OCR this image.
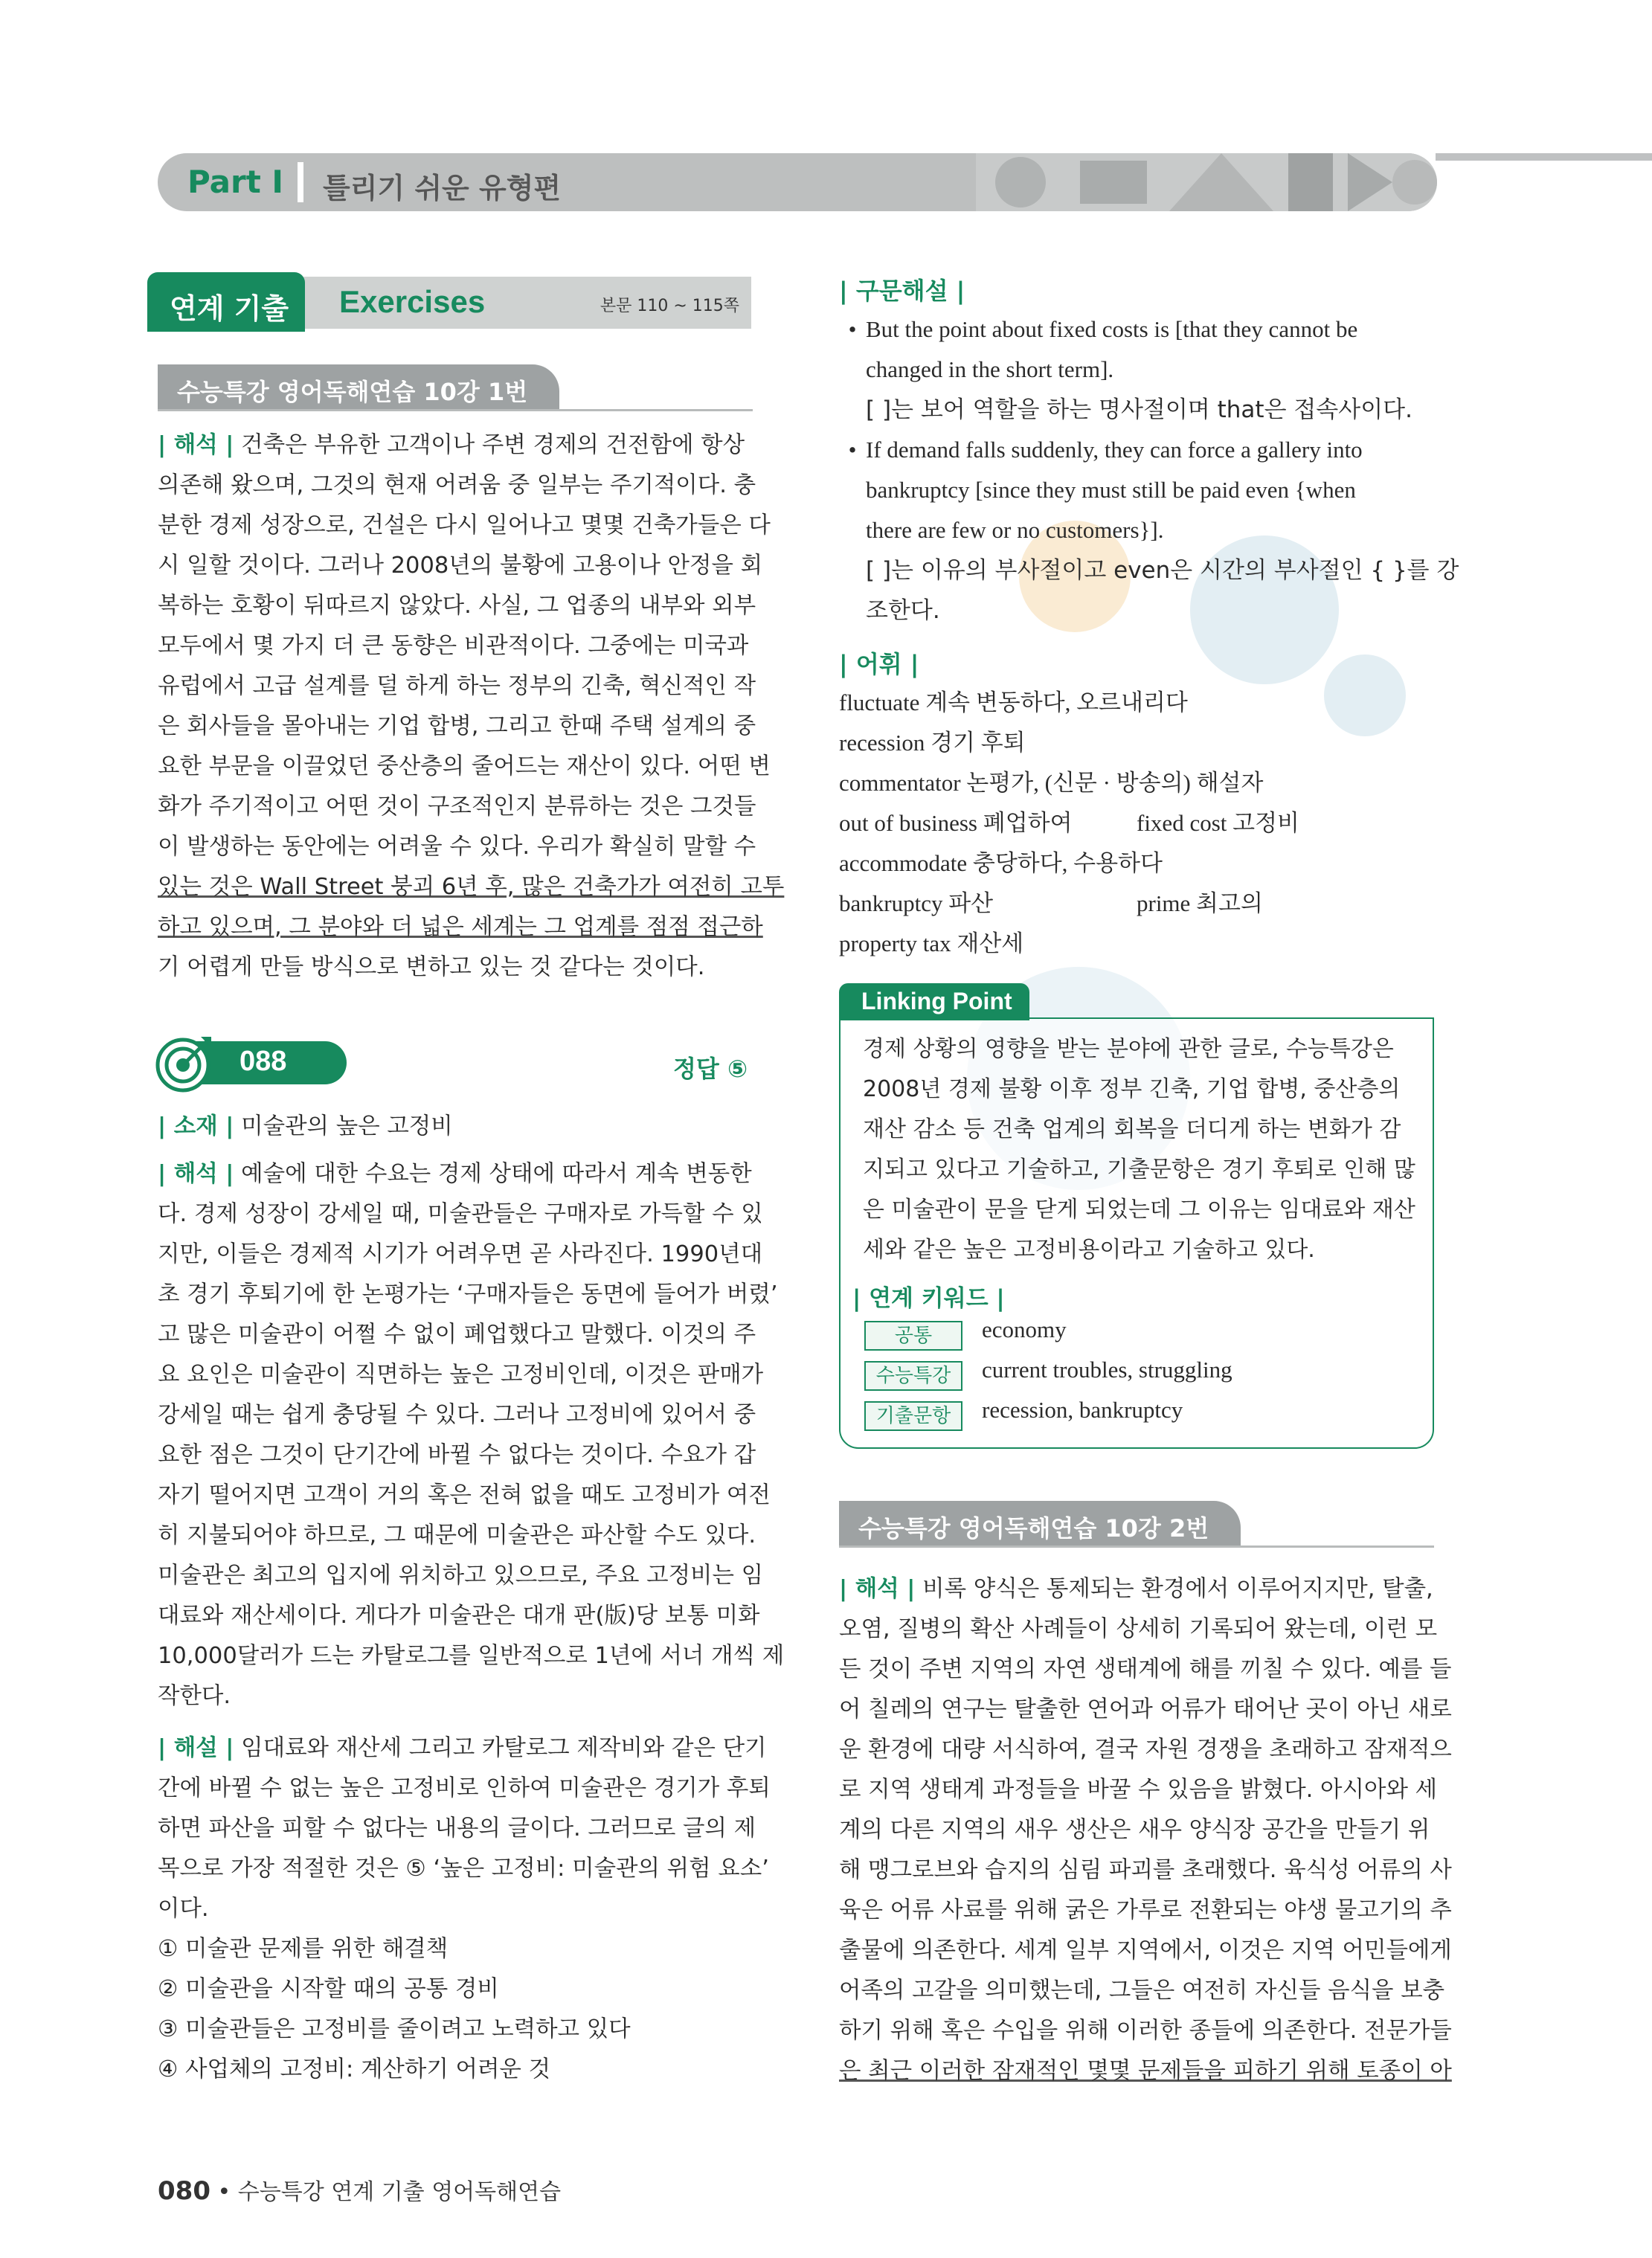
Part I 틀리기 쉬운 유형편
Exercises	본문 110 ~ 115쪽
연계 기출
수능특강 영어독해연습 10강 1번
| 해석 | 건축은 부유한 고객이나 주변 경제의 건전함에 항상
의존해 왔으며, 그것의 현재 어려움 중 일부는 주기적이다. 충
분한 경제 성장으로, 건설은 다시 일어나고 몇몇 건축가들은 다
시 일할 것이다. 그러나 2008년의 불황에 고용이나 안정을 회
복하는 호황이 뒤따르지 않았다. 사실, 그 업종의 내부와 외부
모두에서 몇 가지 더 큰 동향은 비관적이다. 그중에는 미국과
유럽에서 고급 설계를 덜 하게 하는 정부의 긴축, 혁신적인 작
은 회사들을 몰아내는 기업 합병, 그리고 한때 주택 설계의 중
요한 부문을 이끌었던 중산층의 줄어드는 재산이 있다. 어떤 변
화가 주기적이고 어떤 것이 구조적인지 분류하는 것은 그것들
이 발생하는 동안에는 어려울 수 있다. 우리가 확실히 말할 수
있는 것은 Wall Street 붕괴 6년 후, 많은 건축가가 여전히 고투
하고 있으며, 그 분야와 더 넓은 세계는 그 업계를 점점 접근하
기 어렵게 만들 방식으로 변하고 있는 것 같다는 것이다.
088	정답 ⑤
| 소재 | 미술관의 높은 고정비
| 해석 | 예술에 대한 수요는 경제 상태에 따라서 계속 변동한
다. 경제 성장이 강세일 때, 미술관들은 구매자로 가득할 수 있
지만, 이들은 경제적 시기가 어려우면 곧 사라진다. 1990년대
초 경기 후퇴기에 한 논평가는 ‘구매자들은 동면에 들어가 버렸’
고 많은 미술관이 어쩔 수 없이 폐업했다고 말했다. 이것의 주
요 요인은 미술관이 직면하는 높은 고정비인데, 이것은 판매가
강세일 때는 쉽게 충당될 수 있다. 그러나 고정비에 있어서 중
요한 점은 그것이 단기간에 바뀔 수 없다는 것이다. 수요가 갑
자기 떨어지면 고객이 거의 혹은 전혀 없을 때도 고정비가 여전
히 지불되어야 하므로, 그 때문에 미술관은 파산할 수도 있다.
미술관은 최고의 입지에 위치하고 있으므로, 주요 고정비는 임
대료와 재산세이다. 게다가 미술관은 대개 판(版)당 보통 미화
10,000달러가 드는 카탈로그를 일반적으로 1년에 서너 개씩 제
작한다.
| 해설 | 임대료와 재산세 그리고 카탈로그 제작비와 같은 단기
간에 바뀔 수 없는 높은 고정비로 인하여 미술관은 경기가 후퇴
하면 파산을 피할 수 없다는 내용의 글이다. 그러므로 글의 제
목으로 가장 적절한 것은 ⑤ ‘높은 고정비: 미술관의 위험 요소’
이다.
① 미술관 문제를 위한 해결책
② 미술관을 시작할 때의 공통 경비
③ 미술관들은 고정비를 줄이려고 노력하고 있다
④ 사업체의 고정비: 계산하기 어려운 것
| 구문해설 |
• But the point about fixed costs is [that they cannot be
changed in the short term].
[ ]는 보어 역할을 하는 명사절이며 that은 접속사이다.
• If demand falls suddenly, they can force a gallery into
bankruptcy [since they must still be paid even {when
there are few or no customers}].
[ ]는 이유의 부사절이고 even은 시간의 부사절인 { }를 강
조한다.
| 어휘 |
fluctuate 계속 변동하다, 오르내리다
recession 경기 후퇴
commentator 논평가, (신문 · 방송의) 해설자
out of business 폐업하여	fixed cost 고정비
accommodate 충당하다, 수용하다
bankruptcy 파산	prime 최고의
property tax 재산세
Linking Point
경제 상황의 영향을 받는 분야에 관한 글로, 수능특강은
2008년 경제 불황 이후 정부 긴축, 기업 합병, 중산층의
재산 감소 등 건축 업계의 회복을 더디게 하는 변화가 감
지되고 있다고 기술하고, 기출문항은 경기 후퇴로 인해 많
은 미술관이 문을 닫게 되었는데 그 이유는 임대료와 재산
세와 같은 높은 고정비용이라고 기술하고 있다.
| 연계 키워드 |
공통	economy
수능특강	current troubles, struggling
기출문항	recession, bankruptcy
수능특강 영어독해연습 10강 2번
| 해석 | 비록 양식은 통제되는 환경에서 이루어지지만, 탈출,
오염, 질병의 확산 사례들이 상세히 기록되어 왔는데, 이런 모
든 것이 주변 지역의 자연 생태계에 해를 끼칠 수 있다. 예를 들
어 칠레의 연구는 탈출한 연어과 어류가 태어난 곳이 아닌 새로
운 환경에 대량 서식하여, 결국 자원 경쟁을 초래하고 잠재적으
로 지역 생태계 과정들을 바꿀 수 있음을 밝혔다. 아시아와 세
계의 다른 지역의 새우 생산은 새우 양식장 공간을 만들기 위
해 맹그로브와 습지의 심림 파괴를 초래했다. 육식성 어류의 사
육은 어류 사료를 위해 굵은 가루로 전환되는 야생 물고기의 추
출물에 의존한다. 세계 일부 지역에서, 이것은 지역 어민들에게
어족의 고갈을 의미했는데, 그들은 여전히 자신들 음식을 보충
하기 위해 혹은 수입을 위해 이러한 종들에 의존한다. 전문가들
은 최근 이러한 잠재적인 몇몇 문제들을 피하기 위해 토종이 아
080 • 수능특강 연계 기출 영어독해연습
